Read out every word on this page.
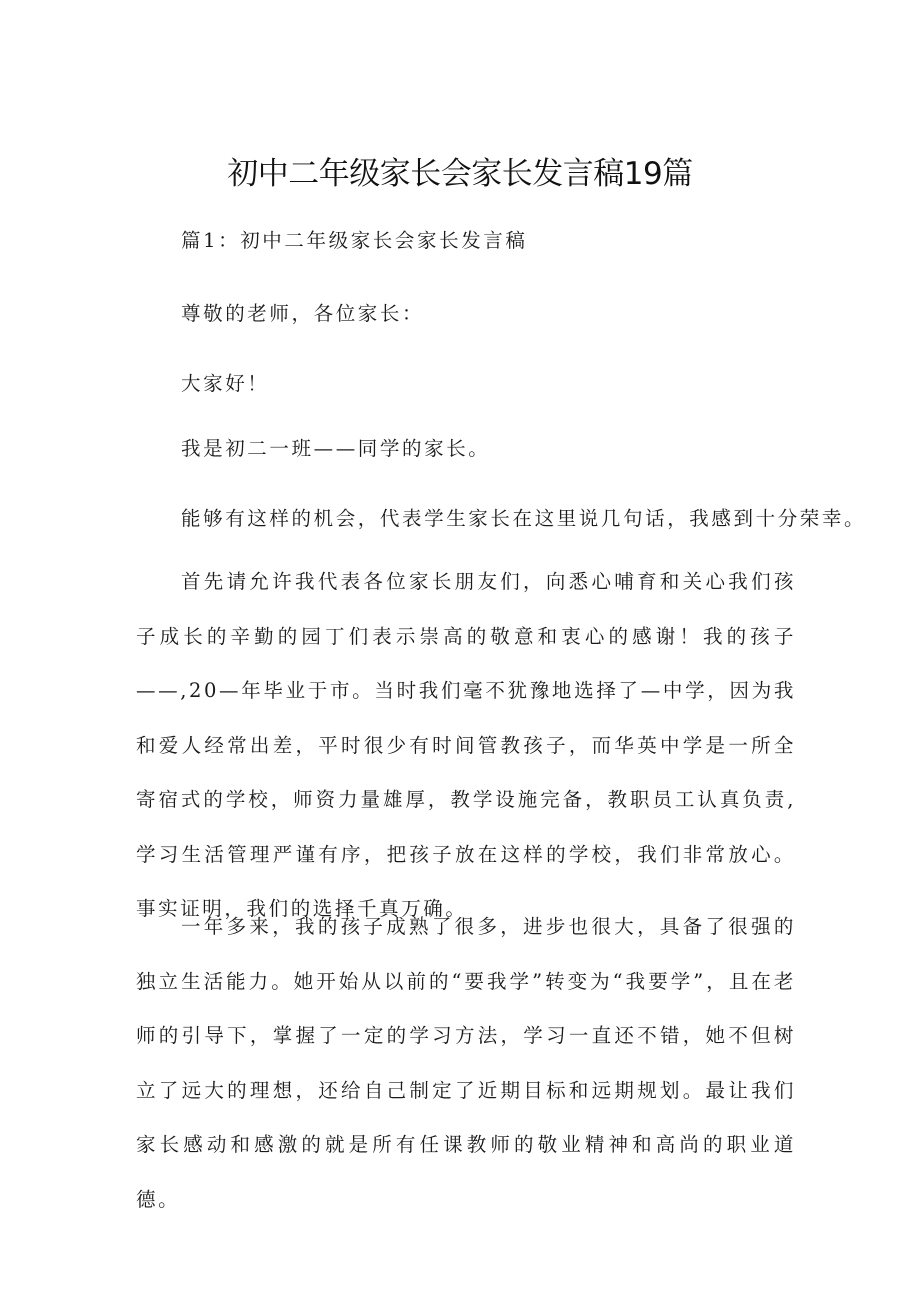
初中二年级家长会家长发言稿19篇

篇1：初中二年级家长会家长发言稿

尊敬的老师，各位家长：

大家好！

我是初二一班——同学的家长。

能够有这样的机会，代表学生家长在这里说几句话，我感到十分荣幸。

首先请允许我代表各位家长朋友们，向悉心哺育和关心我们孩子成长的辛勤的园丁们表示崇高的敬意和衷心的感谢！我的孩子——,20—年毕业于市。当时我们毫不犹豫地选择了—中学，因为我和爱人经常出差，平时很少有时间管教孩子，而华英中学是一所全寄宿式的学校，师资力量雄厚，教学设施完备，教职员工认真负责,学习生活管理严谨有序，把孩子放在这样的学校，我们非常放心。事实证明，我们的选择千真万确。

一年多来，我的孩子成熟了很多，进步也很大，具备了很强的独立生活能力。她开始从以前的“要我学”转变为“我要学”，且在老师的引导下，掌握了一定的学习方法，学习一直还不错，她不但树立了远大的理想，还给自己制定了近期目标和远期规划。最让我们家长感动和感激的就是所有任课教师的敬业精神和高尚的职业道德。
